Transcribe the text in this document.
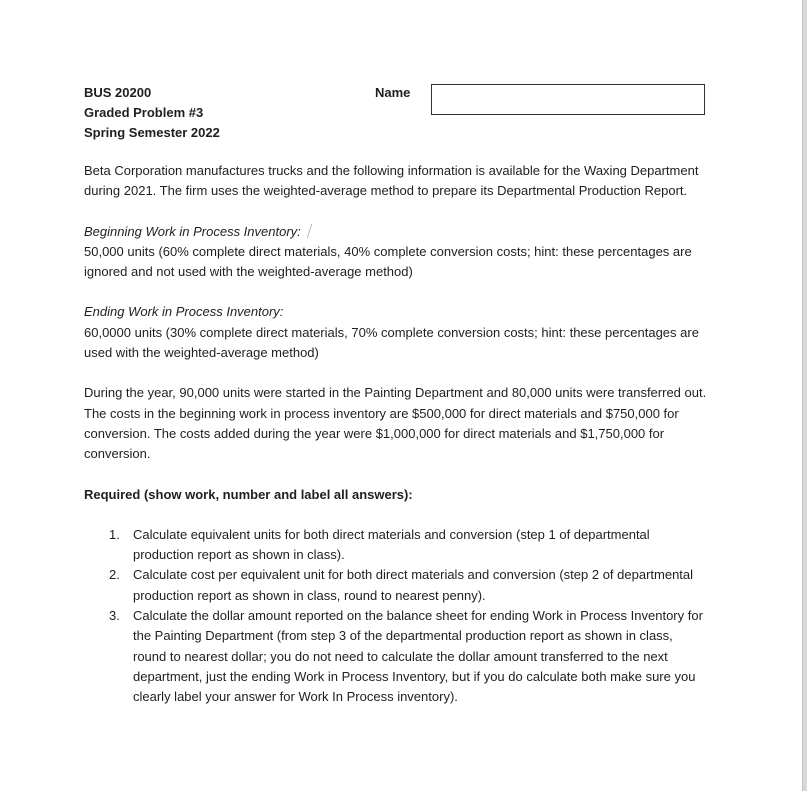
BUS 20200
Graded Problem #3
Spring Semester 2022
Name

Beta Corporation manufactures trucks and the following information is available for the Waxing Department during 2021. The firm uses the weighted-average method to prepare its Departmental Production Report.

Beginning Work in Process Inventory:
50,000 units (60% complete direct materials, 40% complete conversion costs; hint: these percentages are ignored and not used with the weighted-average method)

Ending Work in Process Inventory:
60,0000 units (30% complete direct materials, 70% complete conversion costs; hint: these percentages are used with the weighted-average method)

During the year, 90,000 units were started in the Painting Department and 80,000 units were transferred out. The costs in the beginning work in process inventory are $500,000 for direct materials and $750,000 for conversion. The costs added during the year were $1,000,000 for direct materials and $1,750,000 for conversion.

Required (show work, number and label all answers):

1. Calculate equivalent units for both direct materials and conversion (step 1 of departmental production report as shown in class).
2. Calculate cost per equivalent unit for both direct materials and conversion (step 2 of departmental production report as shown in class, round to nearest penny).
3. Calculate the dollar amount reported on the balance sheet for ending Work in Process Inventory for the Painting Department (from step 3 of the departmental production report as shown in class, round to nearest dollar; you do not need to calculate the dollar amount transferred to the next department, just the ending Work in Process Inventory, but if you do calculate both make sure you clearly label your answer for Work In Process inventory).
